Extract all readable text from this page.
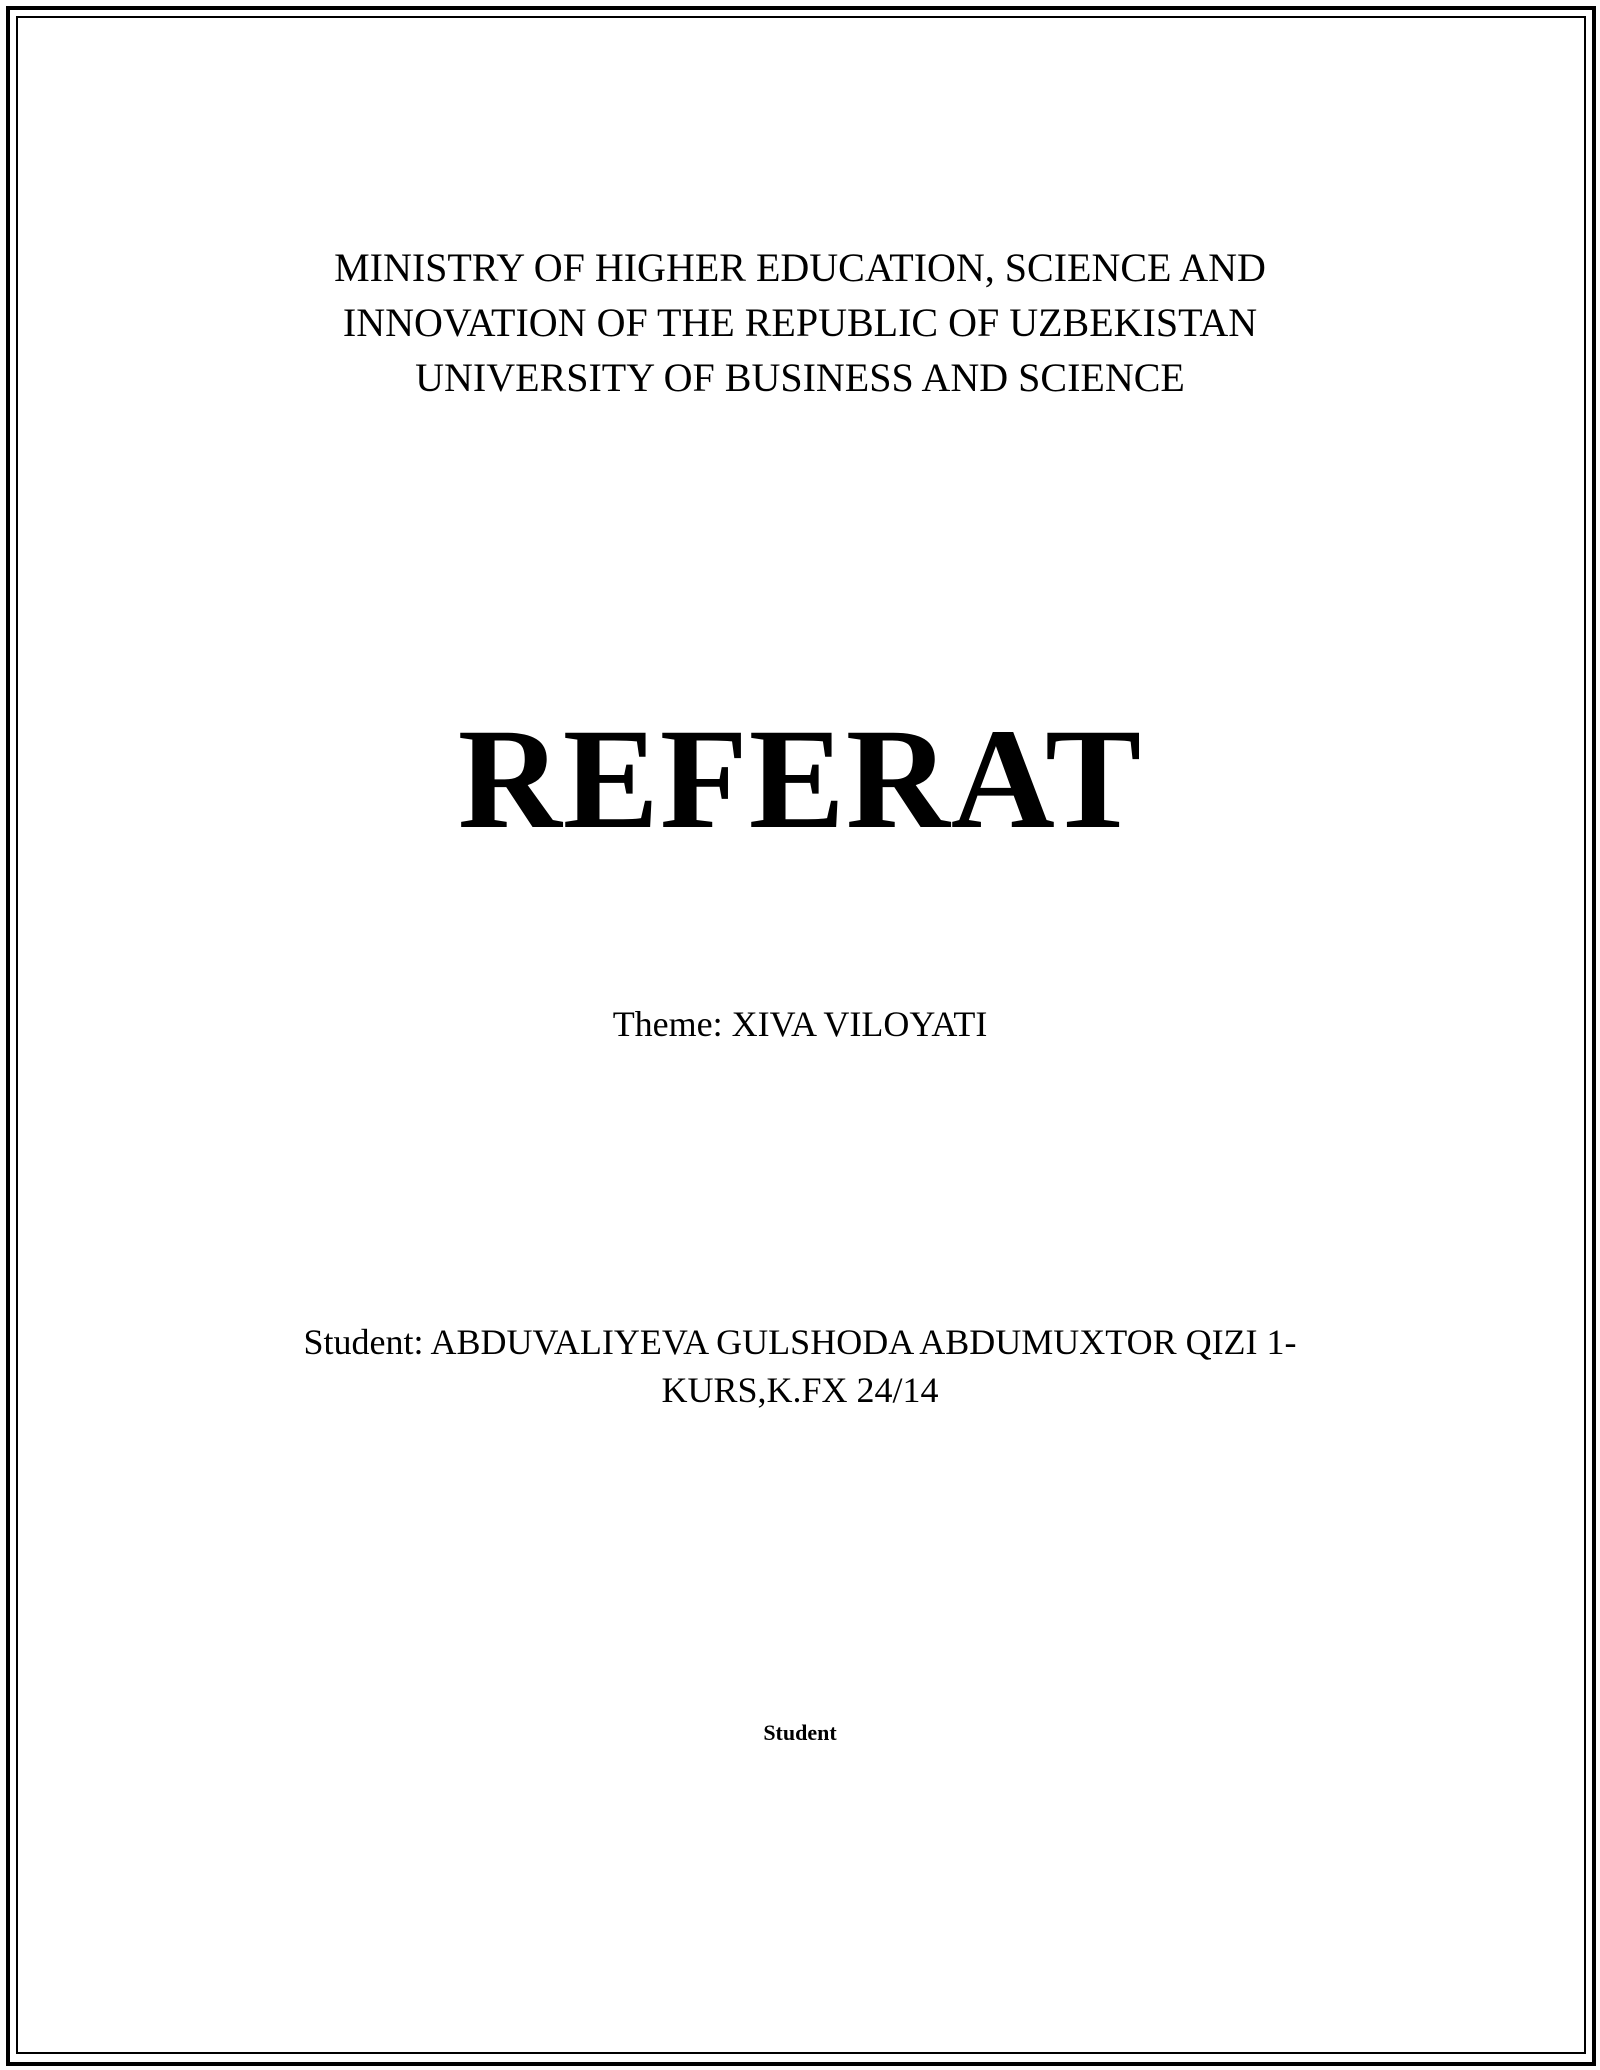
MINISTRY OF HIGHER EDUCATION, SCIENCE AND
INNOVATION OF THE REPUBLIC OF UZBEKISTAN
UNIVERSITY OF BUSINESS AND SCIENCE
REFERAT
Theme: XIVA VILOYATI
Student: ABDUVALIYEVA GULSHODA ABDUMUXTOR QIZI 1-
KURS,K.FX 24/14
Student
